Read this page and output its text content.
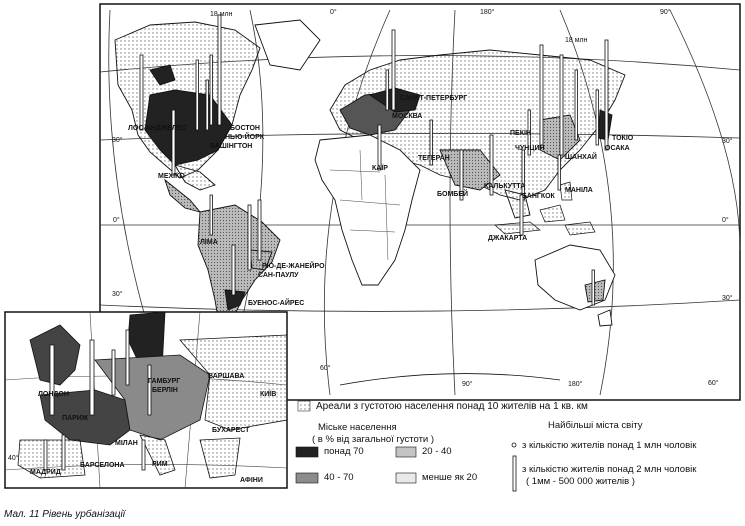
ЛОС-АНДЖЕЛЕС	БОСТОН
НЬЮ-ЙОРК
ВАШІНГТОН
МЕХІКО
ЛІМА
РІО-ДЕ-ЖАНЕЙРО
САН-ПАУЛУ
БУЕНОС-АЙРЕС
САНКТ-ПЕТЕРБУРГ
МОСКВА
КАЇР
ТЕГЕРАН
БОМБЕЙ
КАЛЬКУТТА
БАНГКОК
МАНІЛА
ДЖАКАРТА
ПЕКІН
ЧУНЦИН
ШАНХАЙ
ТОКІО
ОСАКА
18 млн
18 млн
0°	180°	90°
30°
0°
30°
30°
0°
30°
60°
90°	180°
60°
ЛОНДОН
ПАРИЖ
ГАМБУРГ
БЕРЛІН
ВАРШАВА
КИЇВ
МІЛАН
БУХАРЕСТ
БАРСЕЛОНА
МАДРИД
РИМ
АФІНИ
40°
Ареали з густотою населення понад 10 жителів на 1 кв. км
Міське населення
( в % від загальної густоти )
понад 70	20 - 40
40 - 70	менше як 20
Найбільші міста світу
з кількістю жителів понад 1 млн чоловік
з кількістю жителів понад 2 млн чоловік
( 1мм - 500 000 жителів )
Мал. 11 Рівень урбанізації
